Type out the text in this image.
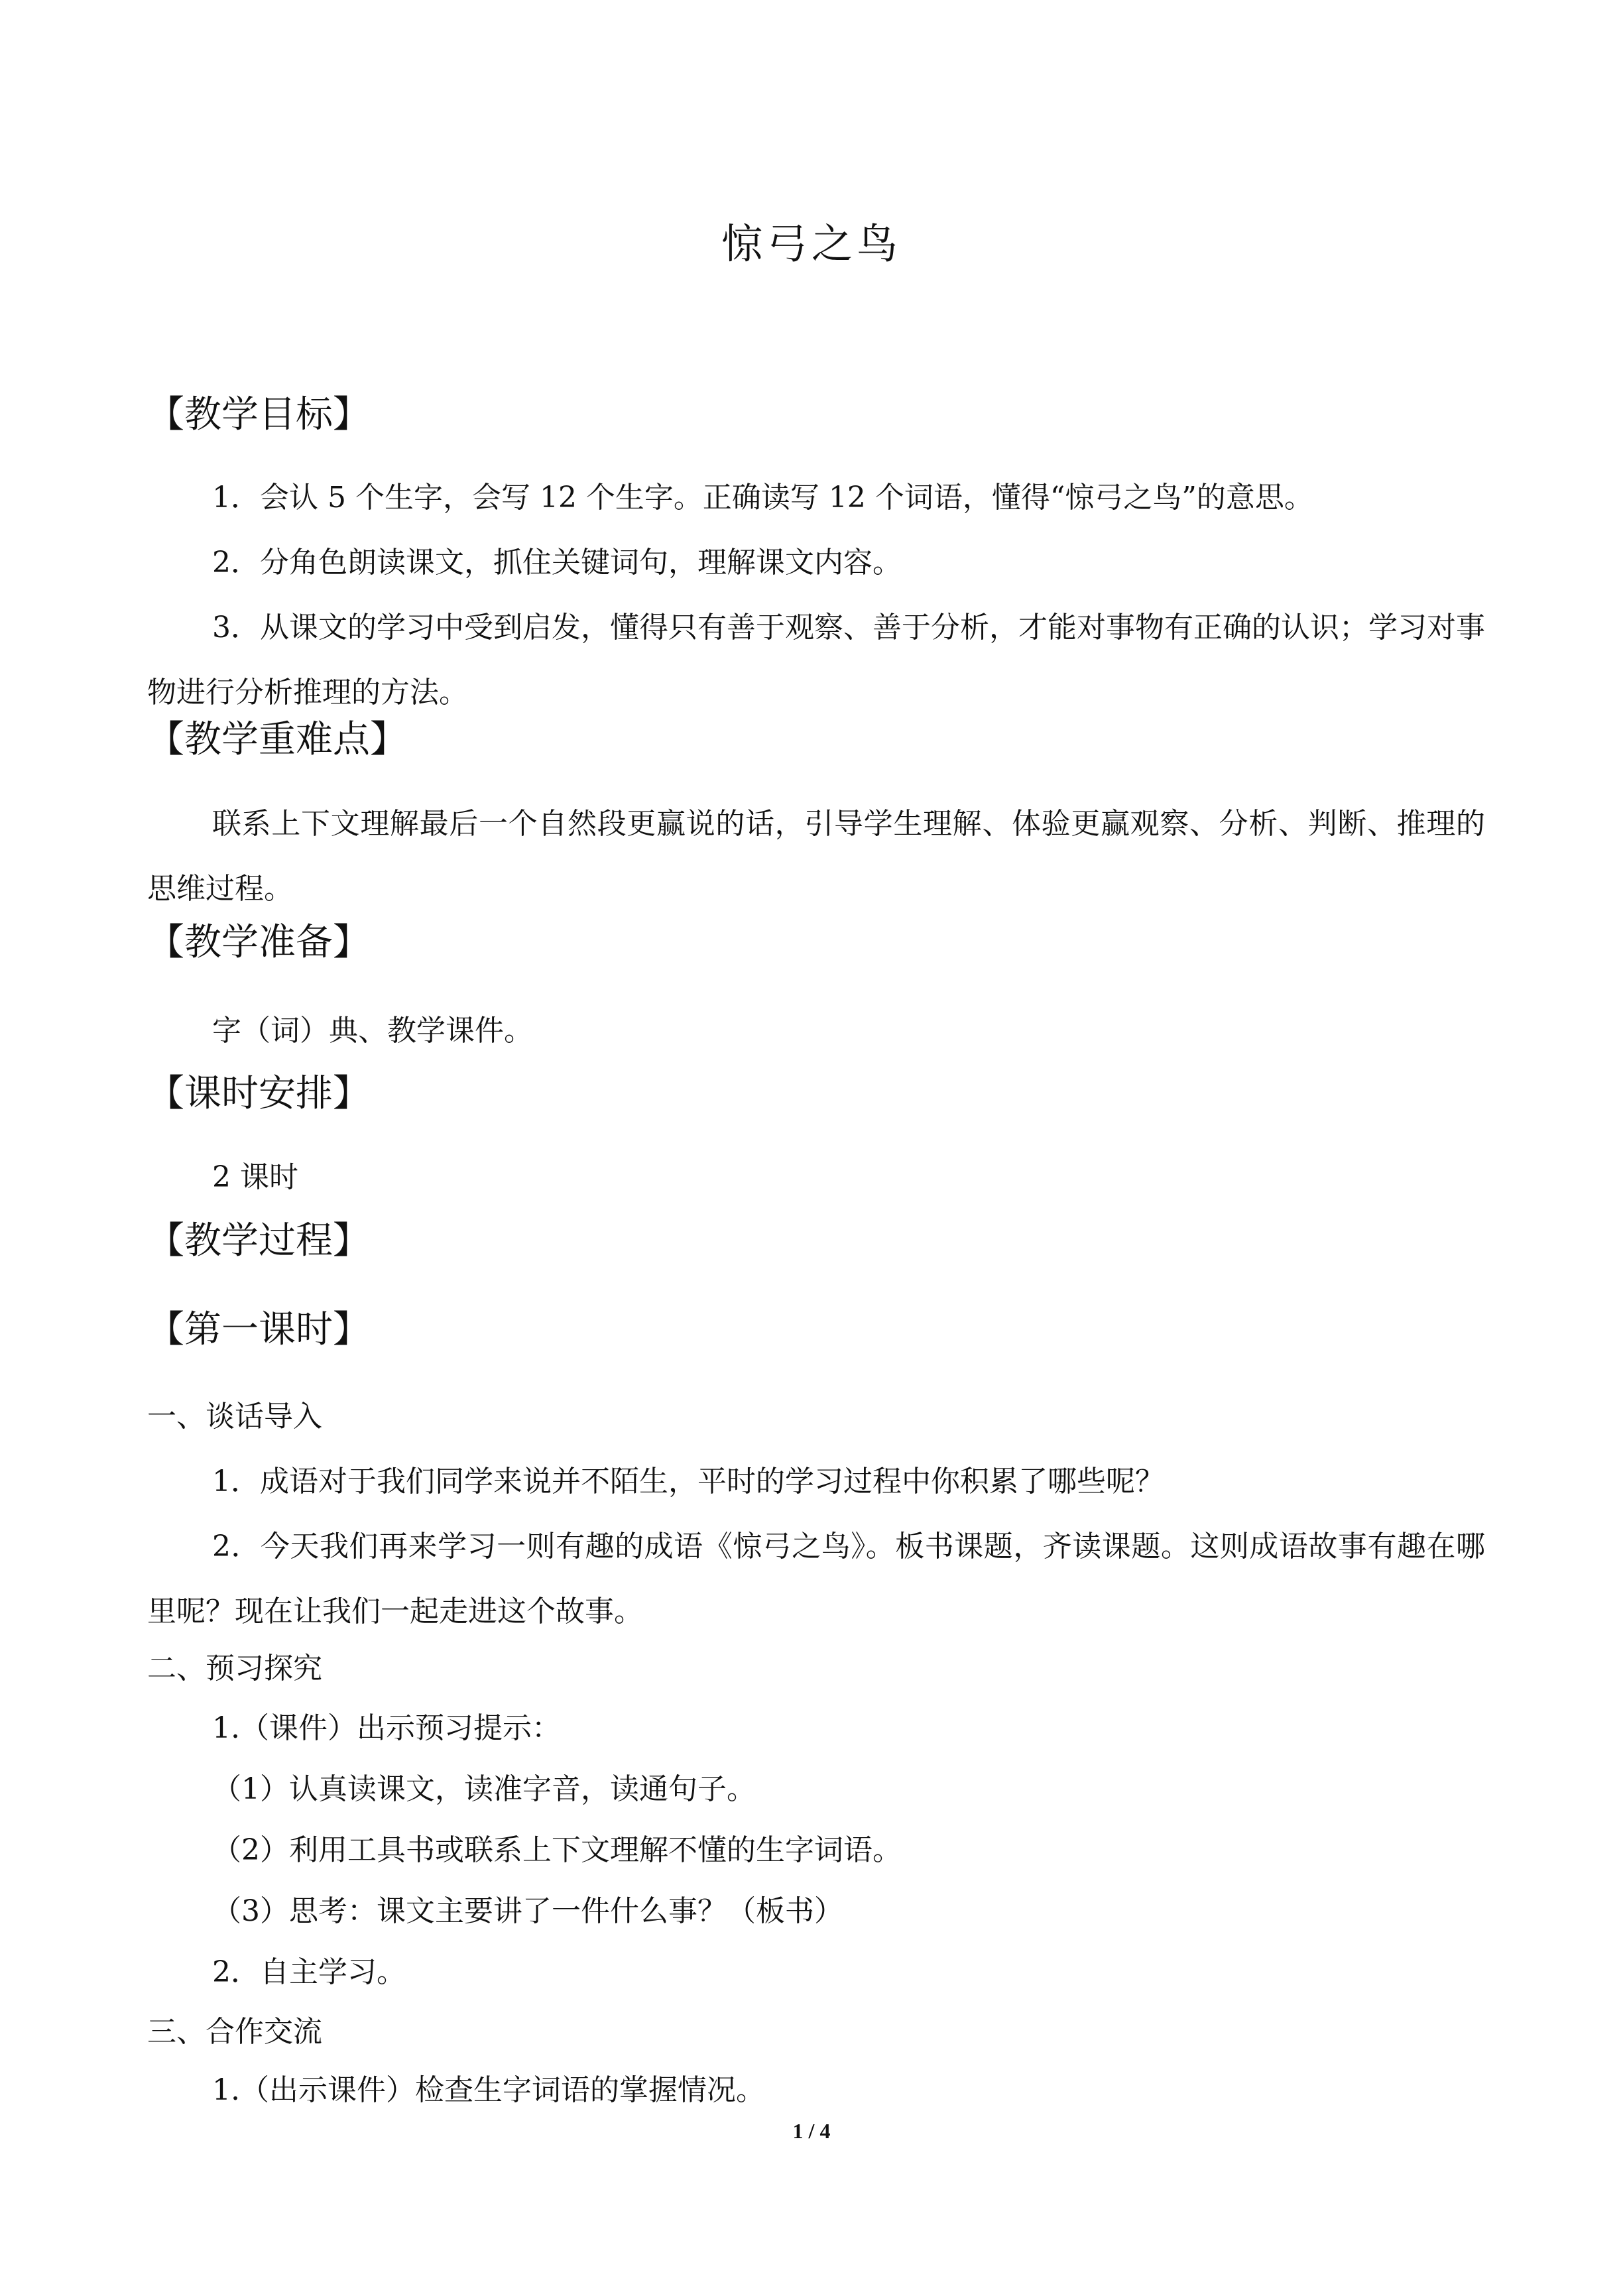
惊弓之鸟
【教学目标】
1．会认 5 个生字，会写 12 个生字。正确读写 12 个词语，懂得“惊弓之鸟”的意思。
2．分角色朗读课文，抓住关键词句，理解课文内容。
3．从课文的学习中受到启发，懂得只有善于观察、善于分析，才能对事物有正确的认识；学习对事物进行分析推理的方法。
【教学重难点】
联系上下文理解最后一个自然段更赢说的话，引导学生理解、体验更赢观察、分析、判断、推理的思维过程。
【教学准备】
字（词）典、教学课件。
【课时安排】
2 课时
【教学过程】
【第一课时】
一、谈话导入
1．成语对于我们同学来说并不陌生，平时的学习过程中你积累了哪些呢？
2．今天我们再来学习一则有趣的成语《惊弓之鸟》。板书课题，齐读课题。这则成语故事有趣在哪里呢？现在让我们一起走进这个故事。
二、预习探究
1.（课件）出示预习提示：
（1）认真读课文，读准字音，读通句子。
（2）利用工具书或联系上下文理解不懂的生字词语。
（3）思考：课文主要讲了一件什么事？（板书）
2．自主学习。
三、合作交流
1.（出示课件）检查生字词语的掌握情况。
1 / 4
